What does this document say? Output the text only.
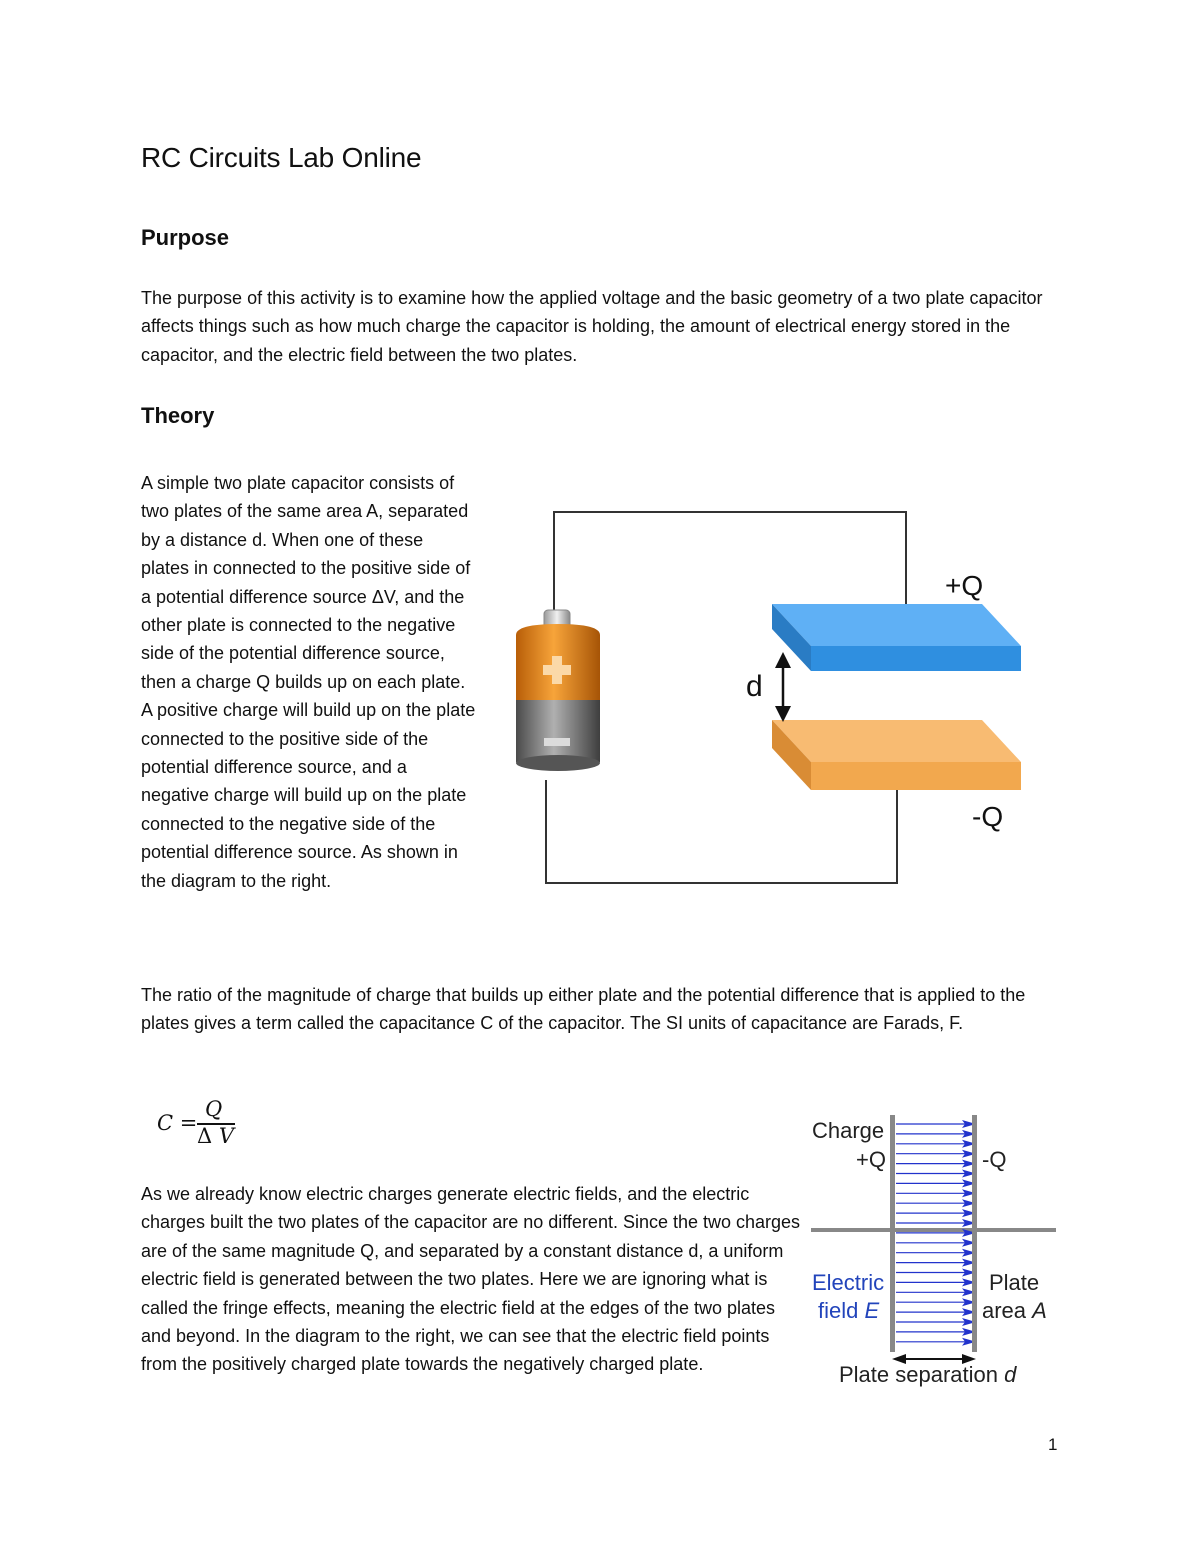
RC Circuits Lab Online
Purpose

The purpose of this activity is to examine how the applied voltage and the basic geometry of a two plate capacitor affects things such as how much charge the capacitor is holding, the amount of electrical energy stored in the capacitor, and the electric field between the two plates.

Theory

A simple two plate capacitor consists of two plates of the same area A, separated by a distance d. When one of these plates in connected to the positive side of a potential difference source ΔV, and the other plate is connected to the negative side of the potential difference source, then a charge Q builds up on each plate. A positive charge will build up on the plate connected to the positive side of the potential difference source, and a negative charge will build up on the plate connected to the negative side of the potential difference source. As shown in the diagram to the right.

+Q
-Q
d

The ratio of the magnitude of charge that builds up either plate and the potential difference that is applied to the plates gives a term called the capacitance C of the capacitor. The SI units of capacitance are Farads, F.

C =
Q
Δ V

As we already know electric charges generate electric fields, and the electric charges built the two plates of the capacitor are no different. Since the two charges are of the same magnitude Q, and separated by a constant distance d, a uniform electric field is generated between the two plates. Here we are ignoring what is called the fringe effects, meaning the electric field at the edges of the two plates and beyond. In the diagram to the right, we can see that the electric field points from the positively charged plate towards the negatively charged plate.

Charge
+Q	-Q
Electric
field E
Plate
area A
Plate separation d
1
